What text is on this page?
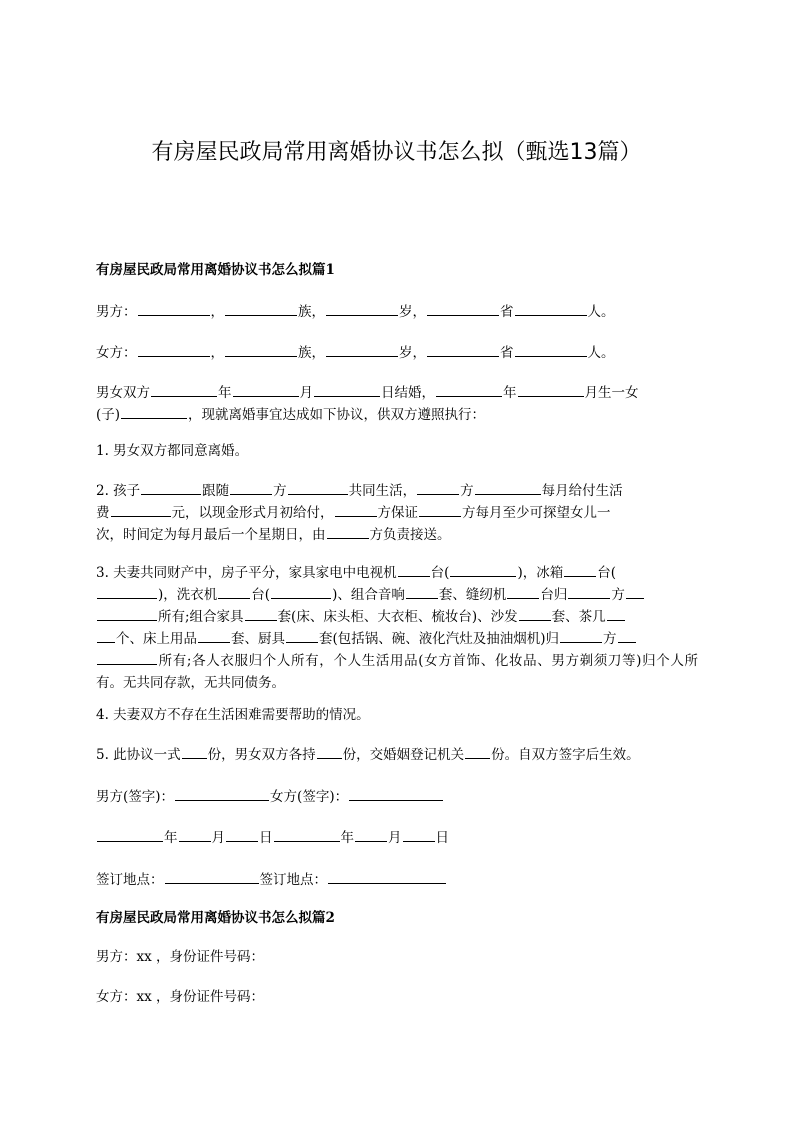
有房屋民政局常用离婚协议书怎么拟（甄选13篇）
有房屋民政局常用离婚协议书怎么拟篇1
男方：	，	族，	岁，	省	人。
女方：	，	族，	岁，	省	人。
男女双方	年	月	日结婚，	年	月生一女
(子)	，现就离婚事宜达成如下协议，供双方遵照执行：
1. 男女双方都同意离婚。
2. 孩子	跟随	方	共同生活，	方	每月给付生活
费	元，以现金形式月初给付，	方保证	方每月至少可探望女儿一
次，时间定为每月最后一个星期日，由	方负责接送。
3. 夫妻共同财产中，房子平分，家具家电中电视机	台(	)，冰箱	台(
)，洗衣机	台(	)、组合音响	套、缝纫机	台归	方
所有;组合家具	套(床、床头柜、大衣柜、梳妆台)、沙发	套、茶几
个、床上用品	套、厨具	套(包括锅、碗、液化汽灶及抽油烟机)归	方
所有;各人衣服归个人所有，个人生活用品(女方首饰、化妆品、男方剃须刀等)归个人所有。无共同存款，无共同债务。
4. 夫妻双方不存在生活困难需要帮助的情况。
5. 此协议一式 份，男女双方各持 份，交婚姻登记机关 份。自双方签字后生效。
男方(签字)：	女方(签字)：
年	月	日	年	月	日
签订地点：	签订地点：
有房屋民政局常用离婚协议书怎么拟篇2
男方：xx ，身份证件号码：
女方：xx ，身份证件号码：
